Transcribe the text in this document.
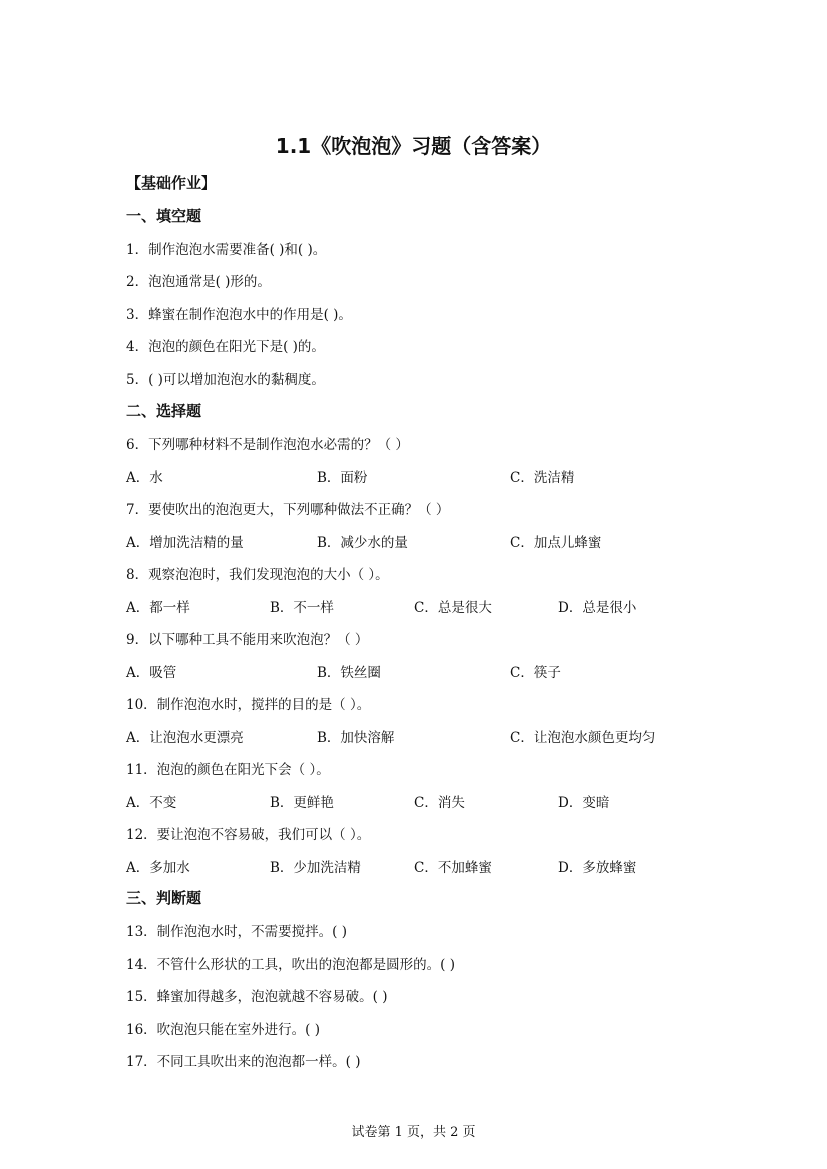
1.1《吹泡泡》习题（含答案）
【基础作业】
一、填空题
1．制作泡泡水需要准备( )和( )。
2．泡泡通常是( )形的。
3．蜂蜜在制作泡泡水中的作用是( )。
4．泡泡的颜色在阳光下是( )的。
5．( )可以增加泡泡水的黏稠度。
二、选择题
6．下列哪种材料不是制作泡泡水必需的？（ ）
A．水	B．面粉	C．洗洁精
7．要使吹出的泡泡更大，下列哪种做法不正确？（ ）
A．增加洗洁精的量	B．减少水的量	C．加点儿蜂蜜
8．观察泡泡时，我们发现泡泡的大小（ ）。
A．都一样	B．不一样	C．总是很大	D．总是很小
9．以下哪种工具不能用来吹泡泡？（ ）
A．吸管	B．铁丝圈	C．筷子
10．制作泡泡水时，搅拌的目的是（ ）。
A．让泡泡水更漂亮	B．加快溶解	C．让泡泡水颜色更均匀
11．泡泡的颜色在阳光下会（ ）。
A．不变	B．更鲜艳	C．消失	D．变暗
12．要让泡泡不容易破，我们可以（ ）。
A．多加水	B．少加洗洁精	C．不加蜂蜜	D．多放蜂蜜
三、判断题
13．制作泡泡水时，不需要搅拌。( )
14．不管什么形状的工具，吹出的泡泡都是圆形的。( )
15．蜂蜜加得越多，泡泡就越不容易破。( )
16．吹泡泡只能在室外进行。( )
17．不同工具吹出来的泡泡都一样。( )
试卷第 1 页，共 2 页
